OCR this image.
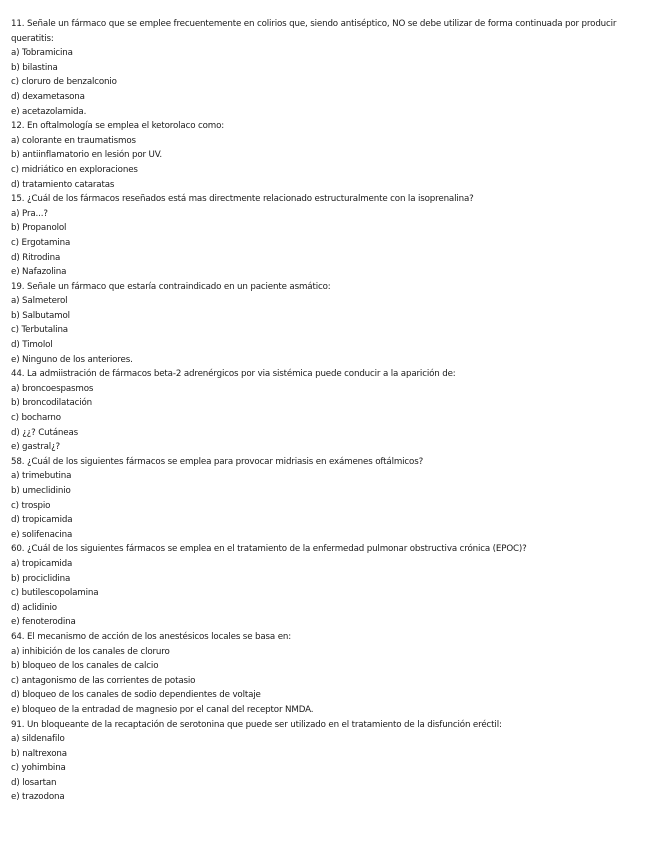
11. Señale un fármaco que se emplee frecuentemente en colirios que, siendo antiséptico, NO se debe utilizar de forma continuada por producir queratitis:
a) Tobramicina
b) bilastina
c) cloruro de benzalconio
d) dexametasona
e) acetazolamida.
12. En oftalmología se emplea el ketorolaco como:
a) colorante en traumatismos
b) antiinflamatorio en lesión por UV.
c) midriático en exploraciones
d) tratamiento cataratas
15. ¿Cuál de los fármacos reseñados está mas directmente relacionado estructuralmente con la isoprenalina?
a) Pra...?
b) Propanolol
c) Ergotamina
d) Ritrodina
e) Nafazolina
19. Señale un fármaco que estaría contraindicado en un paciente asmático:
a) Salmeterol
b) Salbutamol
c) Terbutalina
d) Timolol
e) Ninguno de los anteriores.
44. La admiistración de fármacos beta-2 adrenérgicos por via sistémica puede conducir a la aparición de:
a) broncoespasmos
b) broncodilatación
c) bocharno
d) ¿¿? Cutáneas
e) gastral¿?
58. ¿Cuál de los siguientes fármacos se emplea para provocar midriasis en exámenes oftálmicos?
a) trimebutina
b) umeclidinio
c) trospio
d) tropicamida
e) solifenacina
60. ¿Cuál de los siguientes fármacos se emplea en el tratamiento de la enfermedad pulmonar obstructiva crónica (EPOC)?
a) tropicamida
b) prociclidina
c) butilescopolamina
d) aclidinio
e) fenoterodina
64. El mecanismo de acción de los anestésicos locales se basa en:
a) inhibición de los canales de cloruro
b) bloqueo de los canales de calcio
c) antagonismo de las corrientes de potasio
d) bloqueo de los canales de sodio dependientes de voltaje
e) bloqueo de la entradad de magnesio por el canal del receptor NMDA.
91. Un bloqueante de la recaptación de serotonina que puede ser utilizado en el tratamiento de la disfunción eréctil:
a) sildenafilo
b) naltrexona
c) yohimbina
d) losartan
e) trazodona
